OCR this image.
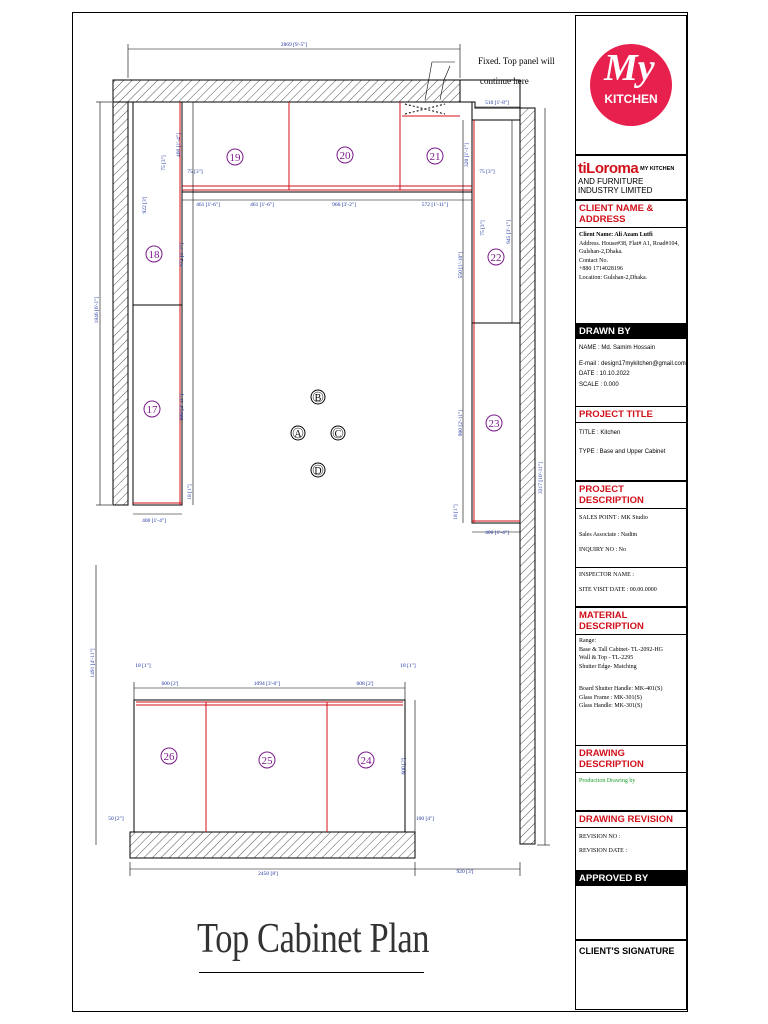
17
18
19	20	21
22
23
24
25
26
B
A	C
D
2869 [9'-5"]
510 [1'-8"]
461 [1'-6"]	461 [1'-6"]	966 [3'-2"]	572 [1'-11"]
75 [3"]	75 [3"]
75 [3"]
400 [1'-4"]	320 [1'-1"]
922 [3']
472 [1'-7"]
900 [2'-11"]
18 [1"]
1846 [6'-1"]
400 [1'-4"]
75 [3"]
550 [1'-10"]
945 [3'-1"]
900 [2'-11"]
18 [1"]
400 [1'-4"]
3317 [10'-11"]
1491 [4'-11"]	18 [1"]	18 [1"]
600 [2']	1094 [3'-6"]	608 [2']
600 [2']
50 [2"]	100 [4"]
2450 [8']	920 [3']
Fixed. Top panel will
continue here
Top Cabinet Plan
My
KITCHEN
tiLoroma MY KITCHEN
AND FURNITURE INDUSTRY LIMITED
CLIENT NAME & ADDRESS
Client Name: Ali Azam Lutfi
Address. House#38, Flat# A1, Road#104,
Gulshan-2,Dhaka.
Contact No.
+880 1714028196
Location: Gulshan-2,Dhaka.
DRAWN BY
NAME : Md. Samim Hossain
E-mail : design17mykitchen@gmail.com
DATE : 10.10.2022
SCALE : 0.000
PROJECT TITLE
TITLE : Kitchen
TYPE : Base and Upper Cabinet
PROJECT DESCRIPTION
SALES POINT : MK Studio
Sales Associate : Nadim
INQUIRY NO : No
INSPECTOR NAME :
SITE VISIT DATE : 00.00.0000
MATERIAL DESCRIPTION
Range:
Base & Tall Cabinet- TL-2092-HG
Wall & Top - TL-2295
Shutter Edge- Matching
Board Shutter Handle: MK-401(S)
Glass Frame : MK-301(S)
Glass Handle: MK-301(S)
DRAWING DESCRIPTION
Production Drawing by
DRAWING REVISION
REVISION NO :
REVISION DATE :
APPROVED BY
CLIENT'S SIGNATURE
